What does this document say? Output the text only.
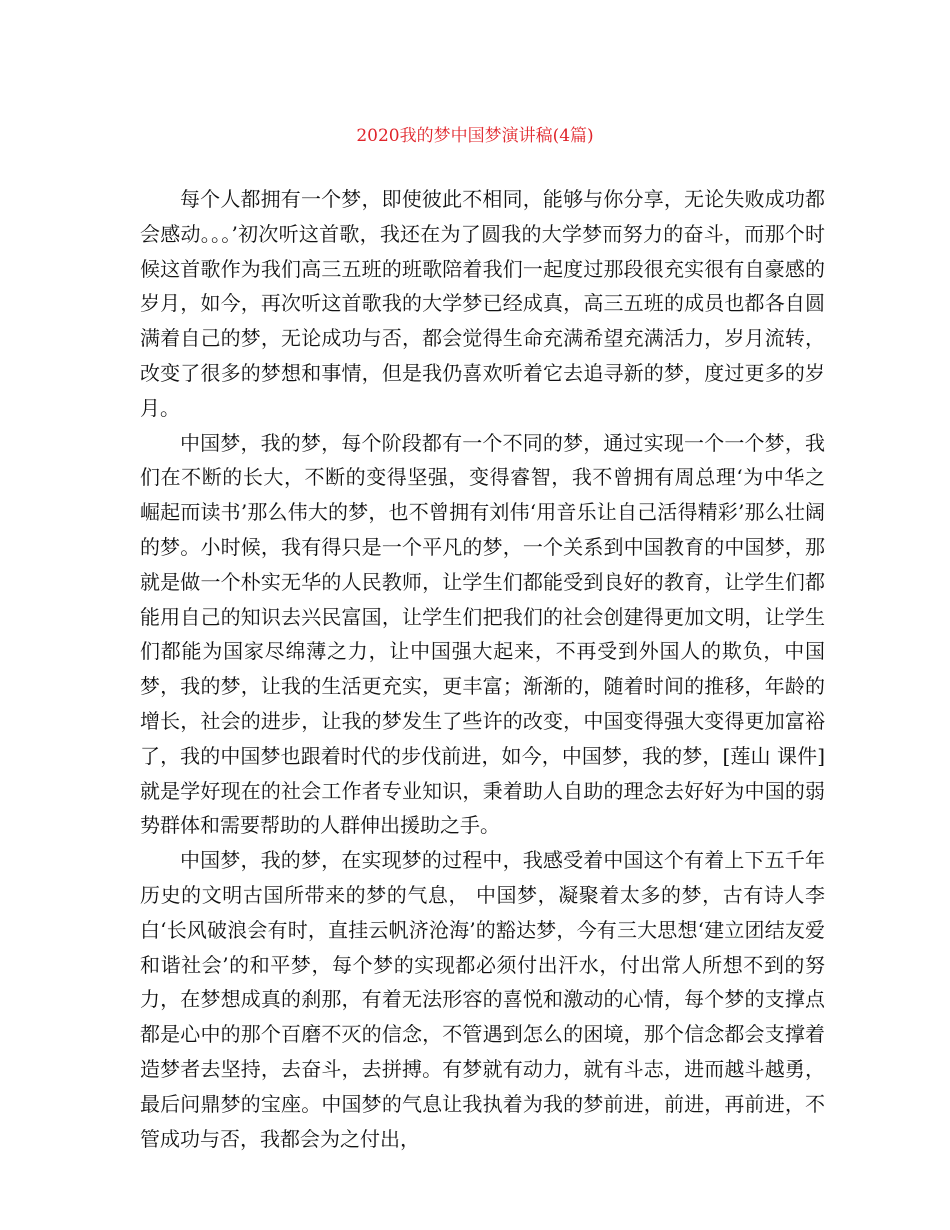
2020我的梦中国梦演讲稿(4篇)

每个人都拥有一个梦，即使彼此不相同，能够与你分享，无论失败成功都会感动。。。’初次听这首歌，我还在为了圆我的大学梦而努力的奋斗，而那个时候这首歌作为我们高三五班的班歌陪着我们一起度过那段很充实很有自豪感的岁月，如今，再次听这首歌我的大学梦已经成真，高三五班的成员也都各自圆满着自己的梦，无论成功与否，都会觉得生命充满希望充满活力，岁月流转，改变了很多的梦想和事情，但是我仍喜欢听着它去追寻新的梦，度过更多的岁月。

中国梦，我的梦，每个阶段都有一个不同的梦，通过实现一个一个梦，我们在不断的长大，不断的变得坚强，变得睿智，我不曾拥有周总理‘为中华之崛起而读书’那么伟大的梦，也不曾拥有刘伟‘用音乐让自己活得精彩’那么壮阔的梦。小时候，我有得只是一个平凡的梦，一个关系到中国教育的中国梦，那就是做一个朴实无华的人民教师，让学生们都能受到良好的教育，让学生们都能用自己的知识去兴民富国，让学生们把我们的社会创建得更加文明，让学生们都能为国家尽绵薄之力，让中国强大起来，不再受到外国人的欺负，中国梦，我的梦，让我的生活更充实，更丰富；渐渐的，随着时间的推移，年龄的增长，社会的进步，让我的梦发生了些许的改变，中国变得强大变得更加富裕了，我的中国梦也跟着时代的步伐前进，如今，中国梦，我的梦，[莲山 课件]就是学好现在的社会工作者专业知识，秉着助人自助的理念去好好为中国的弱势群体和需要帮助的人群伸出援助之手。

中国梦，我的梦，在实现梦的过程中，我感受着中国这个有着上下五千年历史的文明古国所带来的梦的气息， 中国梦，凝聚着太多的梦，古有诗人李白‘长风破浪会有时，直挂云帆济沧海’的豁达梦，今有三大思想‘建立团结友爱和谐社会’的和平梦，每个梦的实现都必须付出汗水，付出常人所想不到的努力，在梦想成真的刹那，有着无法形容的喜悦和激动的心情，每个梦的支撑点都是心中的那个百磨不灭的信念，不管遇到怎么的困境，那个信念都会支撑着造梦者去坚持，去奋斗，去拼搏。有梦就有动力，就有斗志，进而越斗越勇，最后问鼎梦的宝座。中国梦的气息让我执着为我的梦前进，前进，再前进，不管成功与否，我都会为之付出，
